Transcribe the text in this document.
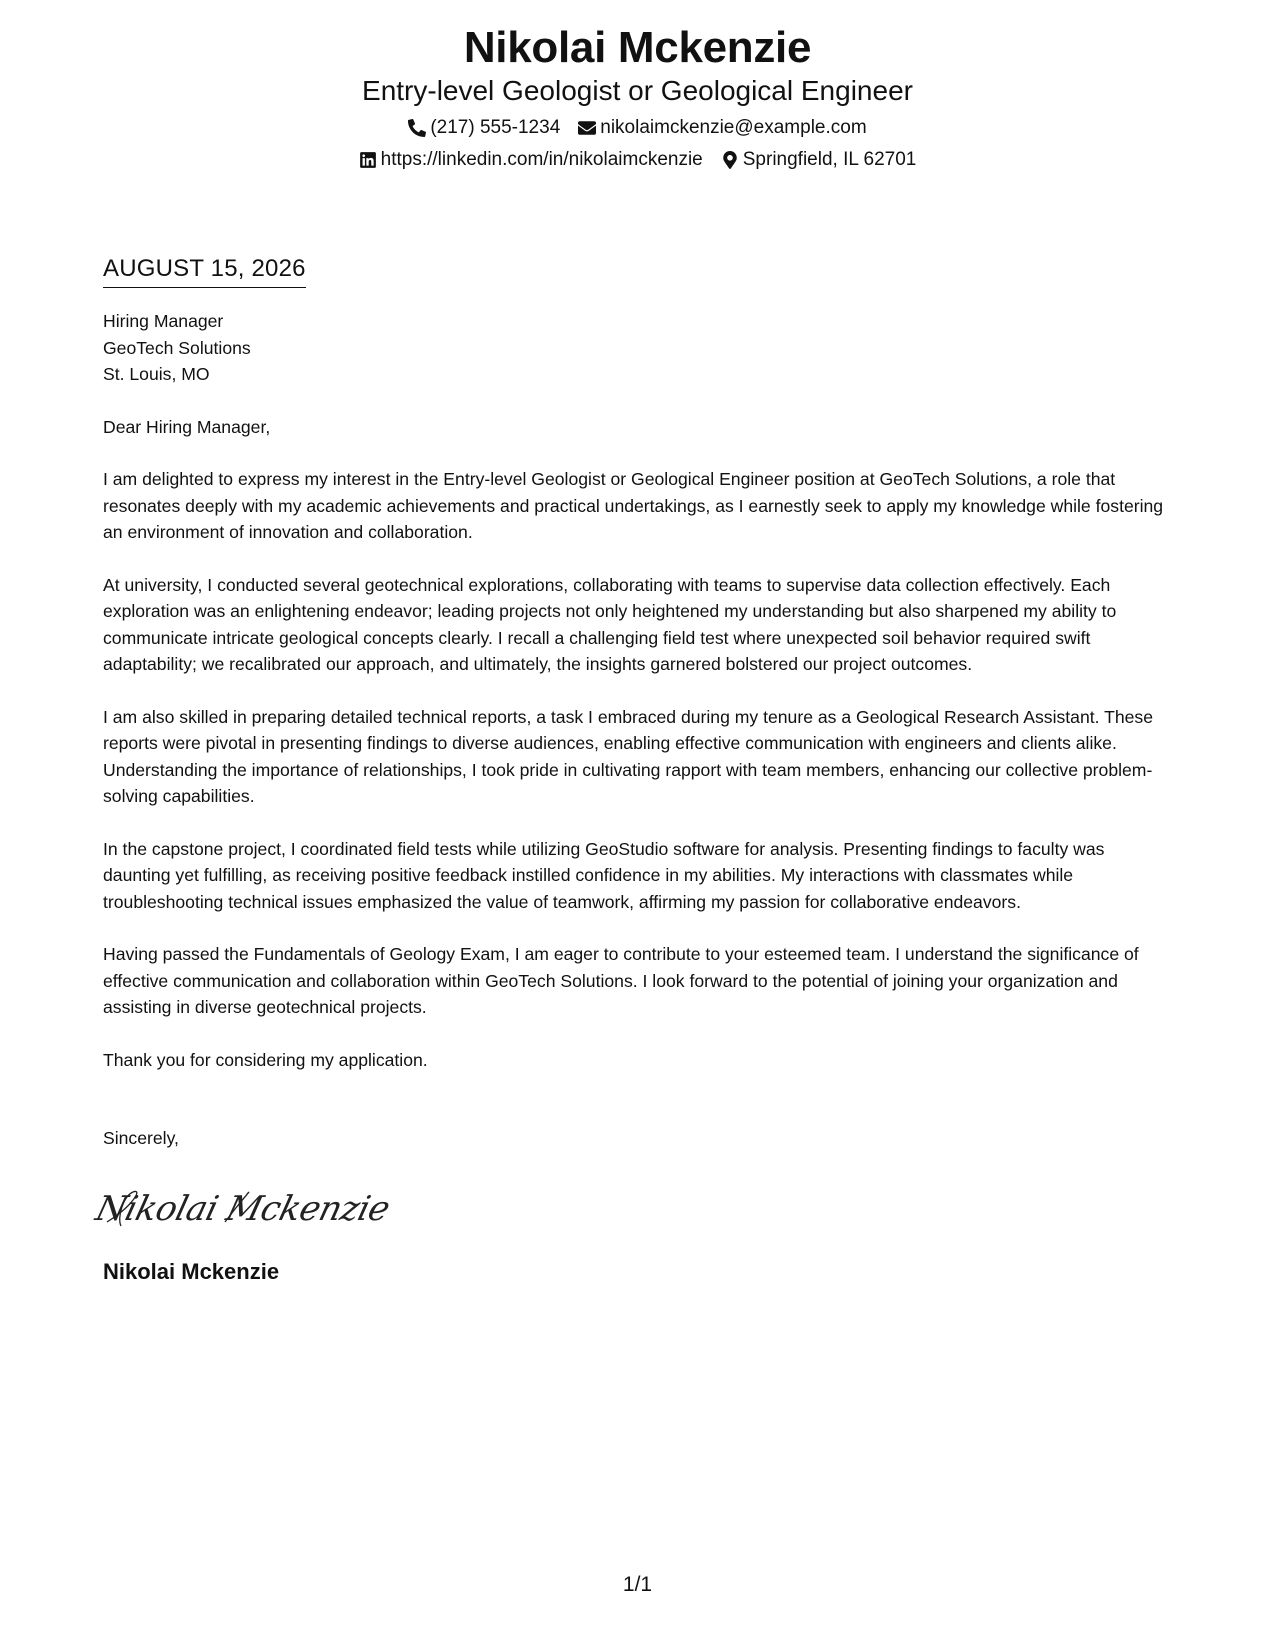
Nikolai Mckenzie
Entry-level Geologist or Geological Engineer
(217) 555-1234 nikolaimckenzie@example.com
https://linkedin.com/in/nikolaimckenzie Springfield, IL 62701
AUGUST 15, 2026
Hiring Manager
GeoTech Solutions
St. Louis, MO
Dear Hiring Manager,
I am delighted to express my interest in the Entry-level Geologist or Geological Engineer position at GeoTech Solutions, a role that resonates deeply with my academic achievements and practical undertakings, as I earnestly seek to apply my knowledge while fostering an environment of innovation and collaboration.
At university, I conducted several geotechnical explorations, collaborating with teams to supervise data collection effectively. Each exploration was an enlightening endeavor; leading projects not only heightened my understanding but also sharpened my ability to communicate intricate geological concepts clearly. I recall a challenging field test where unexpected soil behavior required swift adaptability; we recalibrated our approach, and ultimately, the insights garnered bolstered our project outcomes.
I am also skilled in preparing detailed technical reports, a task I embraced during my tenure as a Geological Research Assistant. These reports were pivotal in presenting findings to diverse audiences, enabling effective communication with engineers and clients alike. Understanding the importance of relationships, I took pride in cultivating rapport with team members, enhancing our collective problem-solving capabilities.
In the capstone project, I coordinated field tests while utilizing GeoStudio software for analysis. Presenting findings to faculty was daunting yet fulfilling, as receiving positive feedback instilled confidence in my abilities. My interactions with classmates while troubleshooting technical issues emphasized the value of teamwork, affirming my passion for collaborative endeavors.
Having passed the Fundamentals of Geology Exam, I am eager to contribute to your esteemed team. I understand the significance of effective communication and collaboration within GeoTech Solutions. I look forward to the potential of joining your organization and assisting in diverse geotechnical projects.
Thank you for considering my application.
Sincerely,
Nikolai Mckenzie
Nikolai Mckenzie
1/1
